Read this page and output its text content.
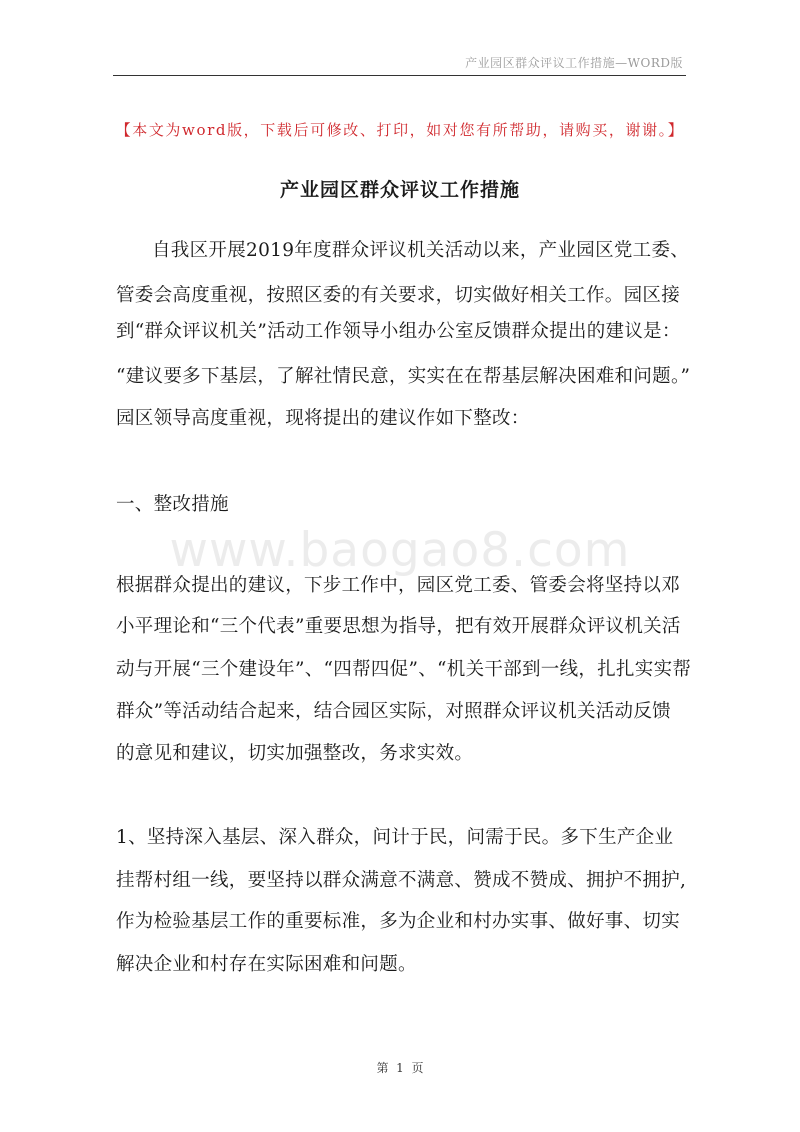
产业园区群众评议工作措施—WORD版
【本文为word版，下载后可修改、打印，如对您有所帮助，请购买，谢谢。】
产业园区群众评议工作措施
自我区开展2019年度群众评议机关活动以来，产业园区党工委、
管委会高度重视，按照区委的有关要求，切实做好相关工作。园区接
到“群众评议机关”活动工作领导小组办公室反馈群众提出的建议是：
“建议要多下基层，了解社情民意，实实在在帮基层解决困难和问题。”
园区领导高度重视，现将提出的建议作如下整改：
一、整改措施
www.baogao8.com
根据群众提出的建议，下步工作中，园区党工委、管委会将坚持以邓
小平理论和“三个代表”重要思想为指导，把有效开展群众评议机关活
动与开展“三个建设年”、“四帮四促”、“机关干部到一线，扎扎实实帮
群众”等活动结合起来，结合园区实际，对照群众评议机关活动反馈
的意见和建议，切实加强整改，务求实效。
1、坚持深入基层、深入群众，问计于民，问需于民。多下生产企业
挂帮村组一线，要坚持以群众满意不满意、赞成不赞成、拥护不拥护,
作为检验基层工作的重要标准，多为企业和村办实事、做好事、切实
解决企业和村存在实际困难和问题。
第  1  页
